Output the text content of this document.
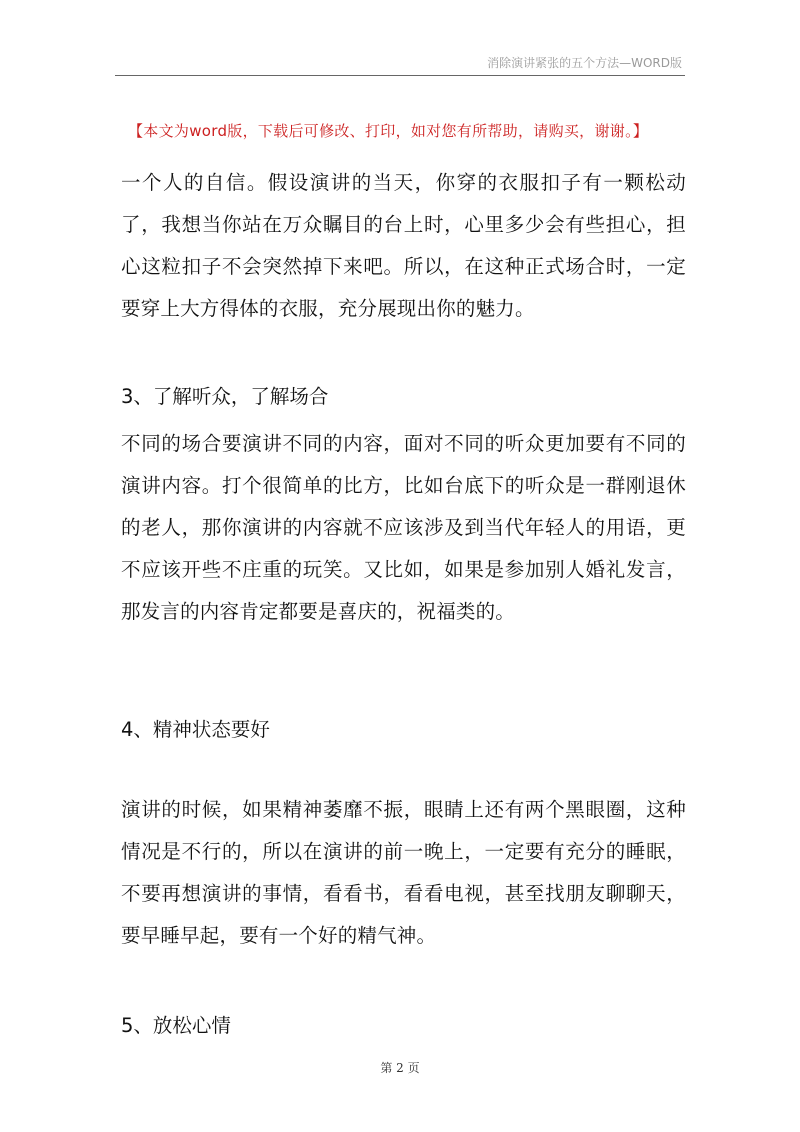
消除演讲紧张的五个方法—WORD版
【本文为word版，下载后可修改、打印，如对您有所帮助，请购买，谢谢。】
一个人的自信。假设演讲的当天，你穿的衣服扣子有一颗松动了，我想当你站在万众瞩目的台上时，心里多少会有些担心，担心这粒扣子不会突然掉下来吧。所以，在这种正式场合时，一定要穿上大方得体的衣服，充分展现出你的魅力。
3、了解听众，了解场合
不同的场合要演讲不同的内容，面对不同的听众更加要有不同的演讲内容。打个很简单的比方，比如台底下的听众是一群刚退休的老人，那你演讲的内容就不应该涉及到当代年轻人的用语，更不应该开些不庄重的玩笑。又比如，如果是参加别人婚礼发言，那发言的内容肯定都要是喜庆的，祝福类的。
4、精神状态要好
演讲的时候，如果精神萎靡不振，眼睛上还有两个黑眼圈，这种情况是不行的，所以在演讲的前一晚上，一定要有充分的睡眠，不要再想演讲的事情，看看书，看看电视，甚至找朋友聊聊天，要早睡早起，要有一个好的精气神。
5、放松心情
第 2 页
